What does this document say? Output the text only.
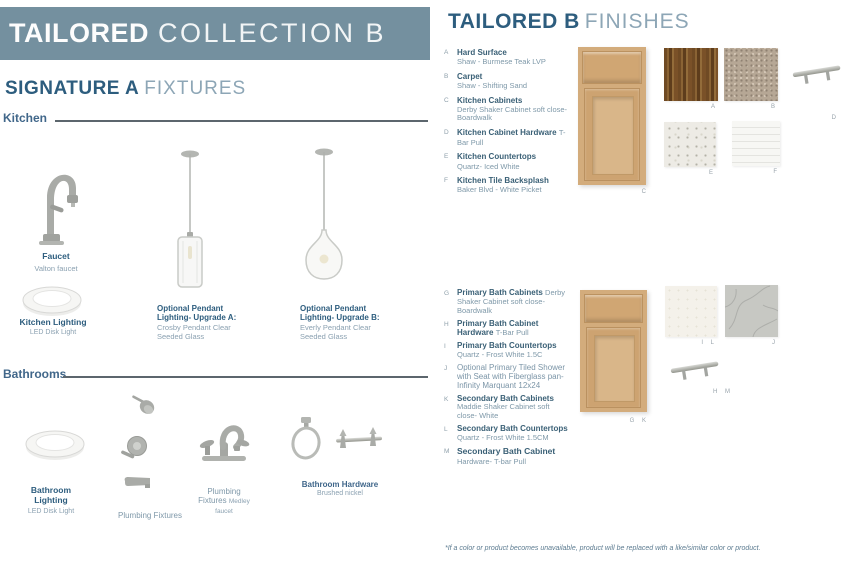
TAILORED COLLECTION B
SIGNATURE A FIXTURES
Kitchen
Faucet
Valton faucet
Kitchen Lighting
LED Disk Light
Optional Pendant Lighting- Upgrade A:
Crosby Pendant Clear Seeded Glass
Optional Pendant Lighting- Upgrade B:
Everly Pendant Clear Seeded Glass
Bathrooms
Bathroom Lighting
LED Disk Light	Plumbing Fixtures
Plumbing Fixtures Medley
faucet
Bathroom Hardware
Brushed nickel
TAILORED B FINISHES
A	Hard Surface
Shaw - Burmese Teak LVP
B	Carpet
Shaw - Shifting Sand
C	Kitchen Cabinets
Derby Shaker Cabinet soft close- Boardwalk
D	Kitchen Cabinet Hardware T-Bar Pull
E	Kitchen Countertops
Quartz- Iced White
F	Kitchen Tile Backsplash
Baker Blvd - White Picket	C
A	B
D
E	F
G Primary Bath Cabinets Derby Shaker Cabinet soft close- Boardwalk
H	Primary Bath Cabinet Hardware T-Bar Pull
I	Primary Bath Countertops Quartz - Frost White 1.5C
J	Optional Primary Tiled Shower with Seat with Fiberglass pan- Infinity Marquant 12x24
K	Secondary Bath Cabinets Maddie Shaker Cabinet soft close- White
L	Secondary Bath Countertops Quartz - Frost White 1.5CM
M Secondary Bath Cabinet
Hardware- T-bar Pull
G K
I L	J
H M
*If a color or product becomes unavailable, product will be replaced with a like/similar color or product.
